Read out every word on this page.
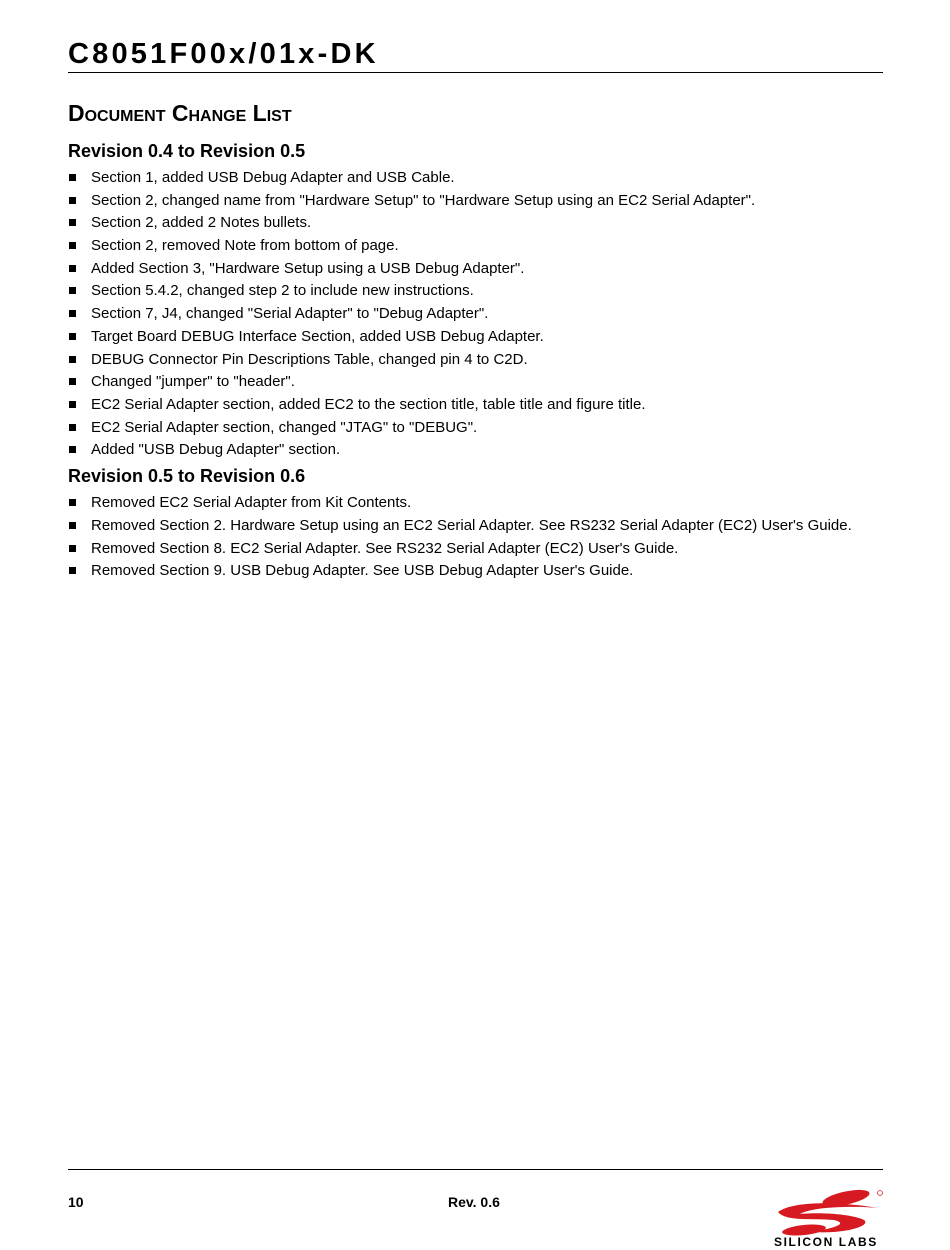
C8051F00x/01x-DK
Document Change List
Revision 0.4 to Revision 0.5
Section 1, added USB Debug Adapter and USB Cable.
Section 2, changed name from "Hardware Setup" to "Hardware Setup using an EC2 Serial Adapter".
Section 2, added 2 Notes bullets.
Section 2, removed Note from bottom of page.
Added Section 3, "Hardware Setup using a USB Debug Adapter".
Section 5.4.2, changed step 2 to include new instructions.
Section 7, J4, changed "Serial Adapter" to "Debug Adapter".
Target Board DEBUG Interface Section, added USB Debug Adapter.
DEBUG Connector Pin Descriptions Table, changed pin 4 to C2D.
Changed "jumper" to "header".
EC2 Serial Adapter section, added EC2 to the section title, table title and figure title.
EC2 Serial Adapter section, changed "JTAG" to "DEBUG".
Added "USB Debug Adapter" section.
Revision 0.5 to Revision 0.6
Removed EC2 Serial Adapter from Kit Contents.
Removed Section 2. Hardware Setup using an EC2 Serial Adapter. See RS232 Serial Adapter (EC2) User's Guide.
Removed Section 8. EC2 Serial Adapter. See RS232 Serial Adapter (EC2) User's Guide.
Removed Section 9. USB Debug Adapter. See USB Debug Adapter User's Guide.
10	Rev. 0.6
SILICON LABS
